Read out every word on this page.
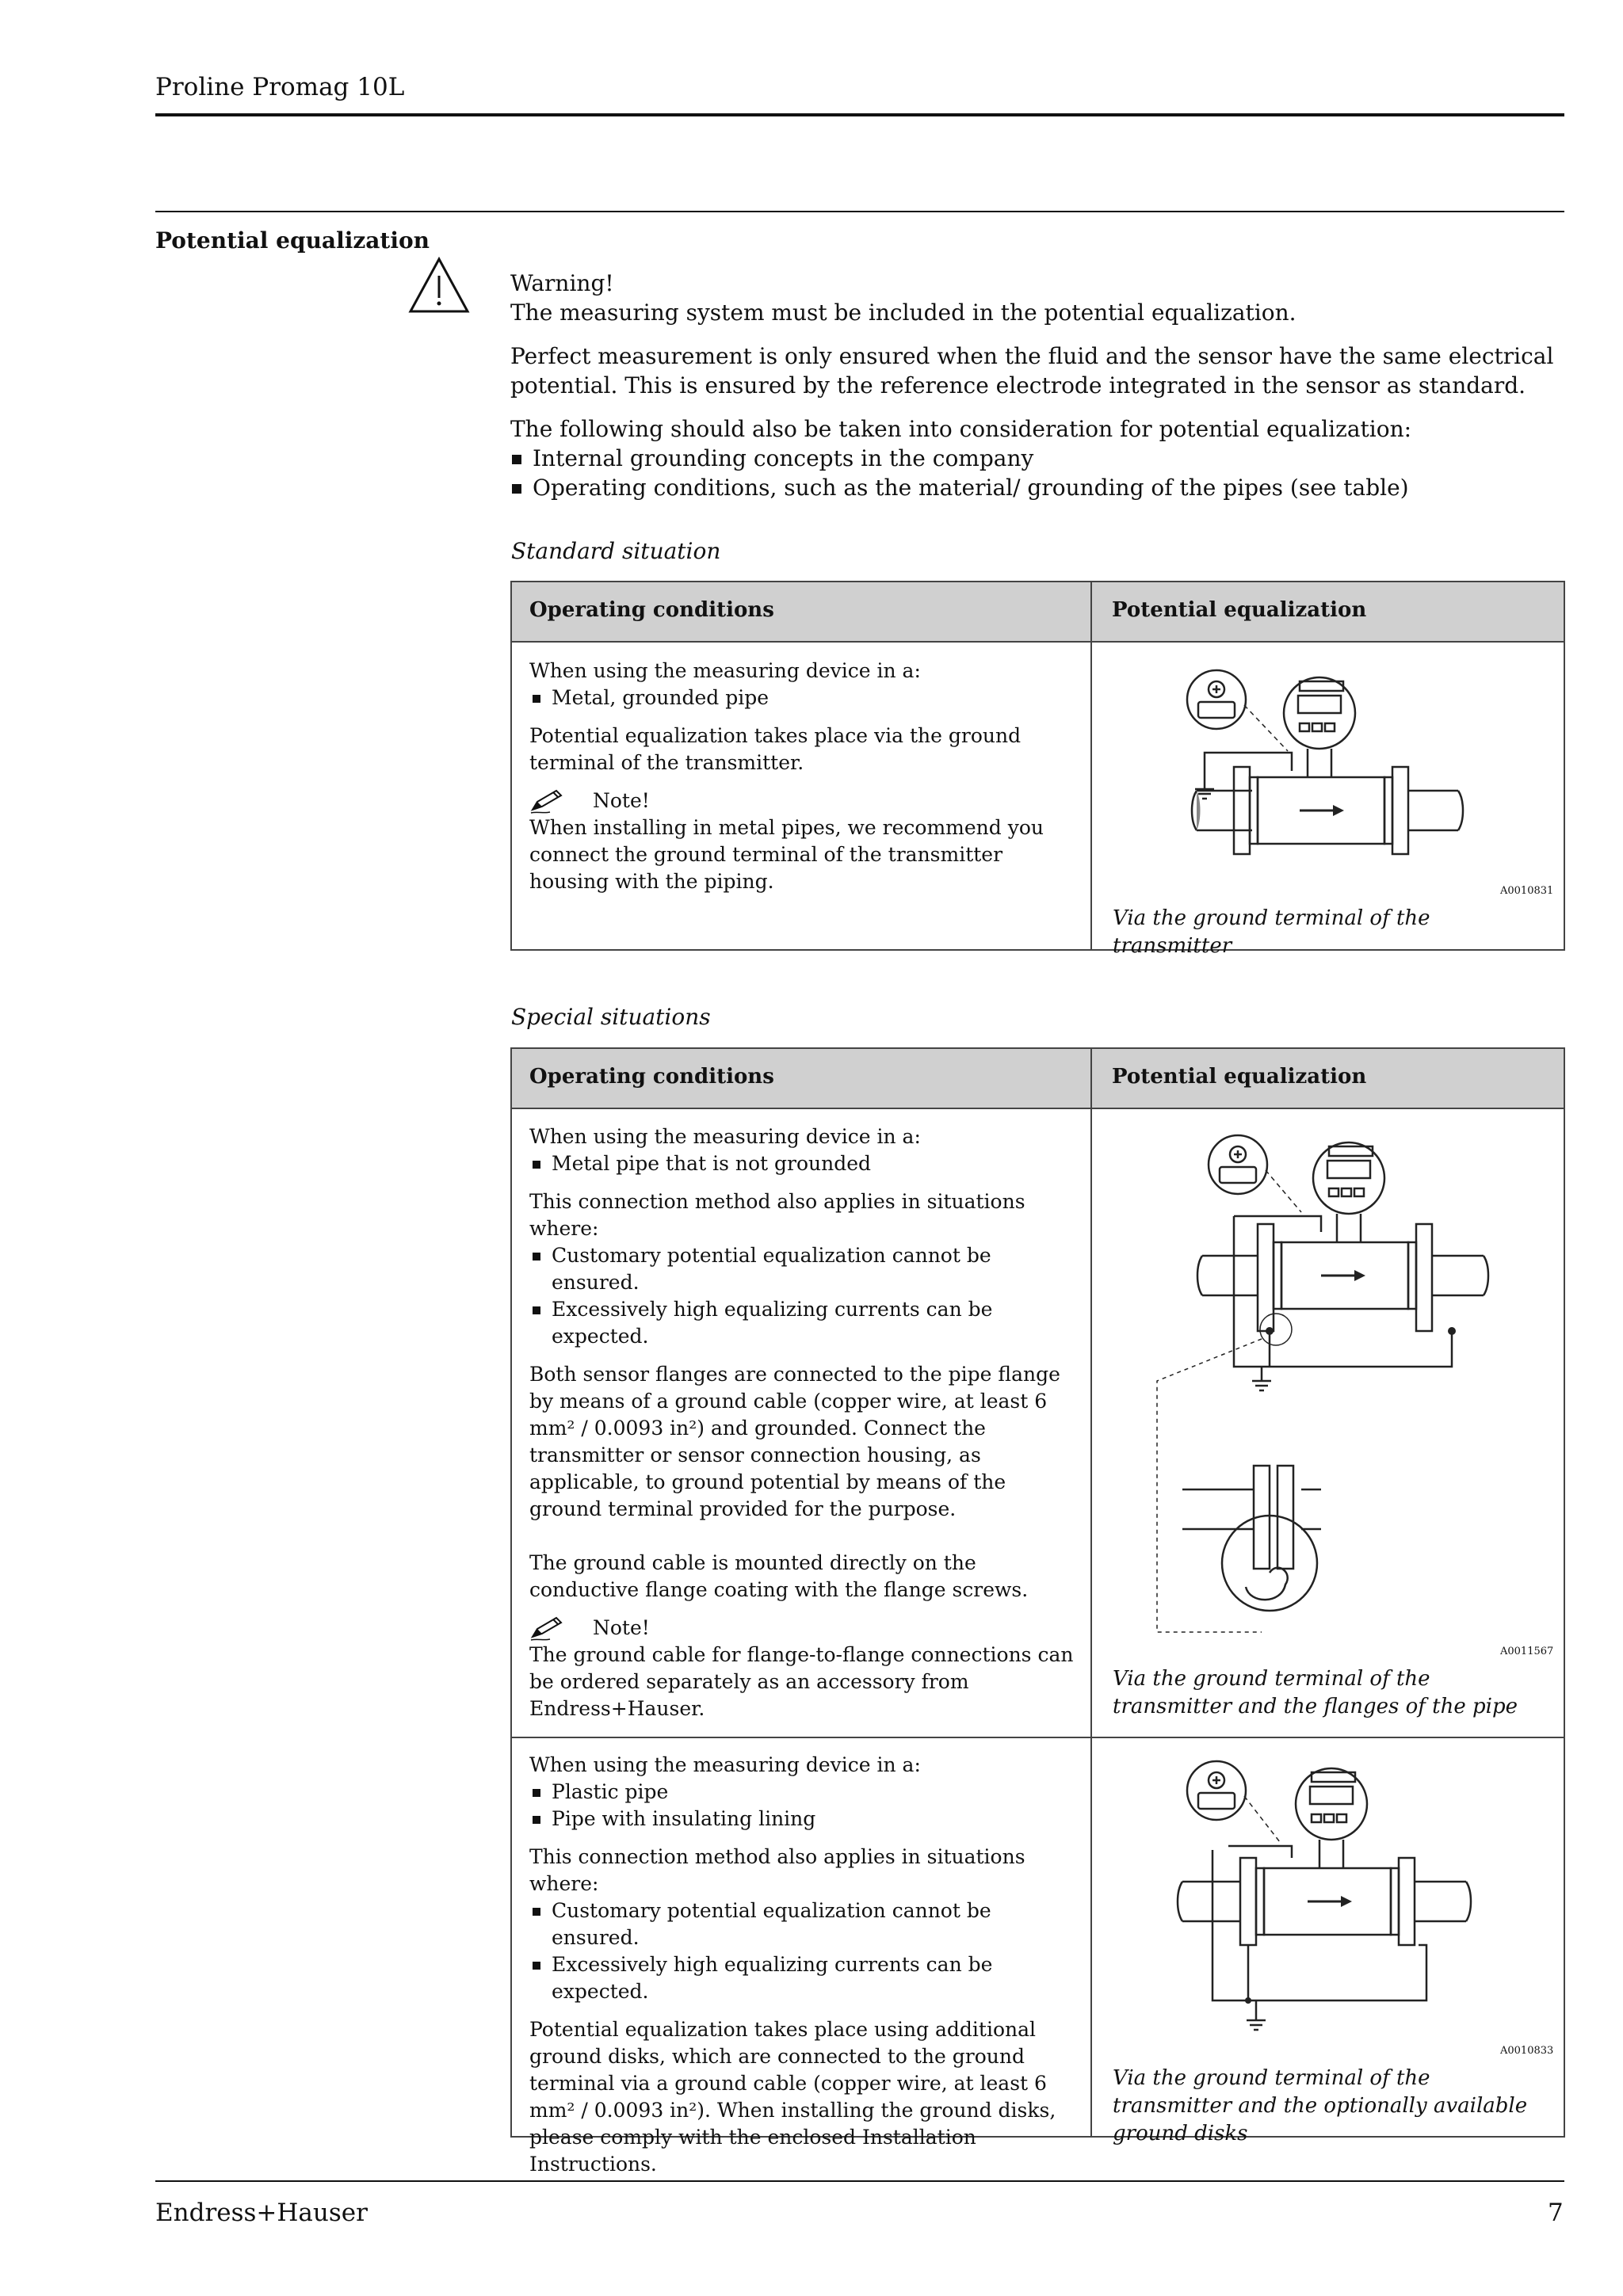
Proline Promag 10L
Potential equalization
Warning!
The measuring system must be included in the potential equalization.
Perfect measurement is only ensured when the fluid and the sensor have the same electrical potential. This is ensured by the reference electrode integrated in the sensor as standard.
The following should also be taken into consideration for potential equalization:
Internal grounding concepts in the company
Operating conditions, such as the material/ grounding of the pipes (see table)
Standard situation
Operating conditions	Potential equalization
When using the measuring device in a:
Metal, grounded pipe

Potential equalization takes place via the ground terminal of the transmitter.

Note!
When installing in metal pipes, we recommend you connect the ground terminal of the transmitter housing with the piping.	A0010831
Via the ground terminal of the transmitter
Special situations
Operating conditions	Potential equalization
When using the measuring device in a:
Metal pipe that is not grounded
This connection method also applies in situations where:
Customary potential equalization cannot be ensured.
Excessively high equalizing currents can be expected.

Both sensor flanges are connected to the pipe flange by means of a ground cable (copper wire, at least 6 mm² / 0.0093 in²) and grounded. Connect the transmitter or sensor connection housing, as applicable, to ground potential by means of the ground terminal provided for the purpose.

The ground cable is mounted directly on the conductive flange coating with the flange screws.

Note!
The ground cable for flange-to-flange connections can be ordered separately as an accessory from Endress+Hauser.
A0011567
Via the ground terminal of the transmitter and the flanges of the pipe
When using the measuring device in a:
Plastic pipe
Pipe with insulating lining
This connection method also applies in situations where:
Customary potential equalization cannot be ensured.
Excessively high equalizing currents can be expected.

Potential equalization takes place using additional ground disks, which are connected to the ground terminal via a ground cable (copper wire, at least 6 mm² / 0.0093 in²). When installing the ground disks, please comply with the enclosed Installation Instructions.

A0010833
Via the ground terminal of the transmitter and the optionally available ground disks
Endress+Hauser	7
